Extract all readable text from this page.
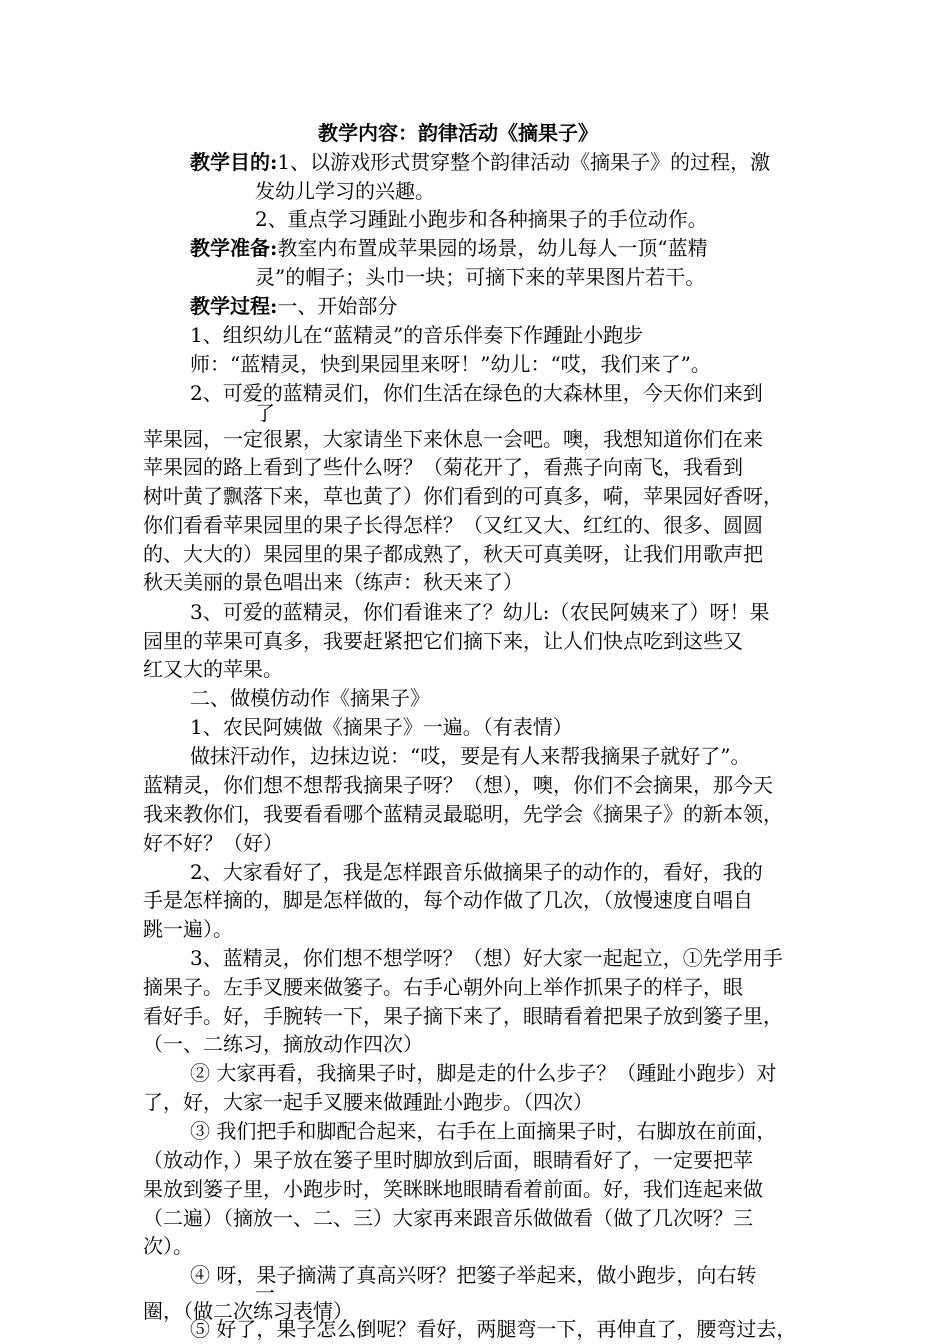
教学内容：韵律活动《摘果子》
教学目的:1、以游戏形式贯穿整个韵律活动《摘果子》的过程，激
发幼儿学习的兴趣。
2、重点学习踵趾小跑步和各种摘果子的手位动作。
教学准备:教室内布置成苹果园的场景，幼儿每人一顶“蓝精
灵”的帽子；头巾一块；可摘下来的苹果图片若干。
教学过程:一、开始部分
1、组织幼儿在“蓝精灵”的音乐伴奏下作踵趾小跑步
师：“蓝精灵，快到果园里来呀！”幼儿：“哎，我们来了”。
2、可爱的蓝精灵们，你们生活在绿色的大森林里，今天你们来到
了
苹果园，一定很累，大家请坐下来休息一会吧。噢，我想知道你们在来
苹果园的路上看到了些什么呀？（菊花开了，看燕子向南飞，我看到
树叶黄了飘落下来，草也黄了）你们看到的可真多，嗬，苹果园好香呀，
你们看看苹果园里的果子长得怎样？（又红又大、红红的、很多、圆圆
的、大大的）果园里的果子都成熟了，秋天可真美呀，让我们用歌声把
秋天美丽的景色唱出来（练声：秋天来了）
3、可爱的蓝精灵，你们看谁来了？幼儿:（农民阿姨来了）呀！果
园里的苹果可真多，我要赶紧把它们摘下来，让人们快点吃到这些又
红又大的苹果。
二、做模仿动作《摘果子》
1、农民阿姨做《摘果子》一遍。（有表情）
做抹汗动作，边抹边说：“哎，要是有人来帮我摘果子就好了”。
蓝精灵，你们想不想帮我摘果子呀？（想），噢，你们不会摘果，那今天
我来教你们，我要看看哪个蓝精灵最聪明，先学会《摘果子》的新本领，
好不好？（好）
2、大家看好了，我是怎样跟音乐做摘果子的动作的，看好，我的
手是怎样摘的，脚是怎样做的，每个动作做了几次，（放慢速度自唱自
跳一遍）。
3、蓝精灵，你们想不想学呀？（想）好大家一起起立，①先学用手
摘果子。左手叉腰来做篓子。右手心朝外向上举作抓果子的样子，眼
看好手。好，手腕转一下，果子摘下来了，眼睛看着把果子放到篓子里，
（一、二练习，摘放动作四次）
② 大家再看，我摘果子时，脚是走的什么步子？（踵趾小跑步）对
了，好，大家一起手叉腰来做踵趾小跑步。（四次）
③ 我们把手和脚配合起来，右手在上面摘果子时，右脚放在前面，
（放动作，）果子放在篓子里时脚放到后面，眼睛看好了，一定要把苹
果放到篓子里，小跑步时，笑眯眯地眼睛看着前面。好，我们连起来做
（二遍）（摘放一、二、三）大家再来跟音乐做做看（做了几次呀？三
次）。
④ 呀，果子摘满了真高兴呀？把篓子举起来，做小跑步，向右转
一
圈，（做二次练习表情）
⑤ 好了，果子怎么倒呢？看好，两腿弯一下，再伸直了，腰弯过去，
